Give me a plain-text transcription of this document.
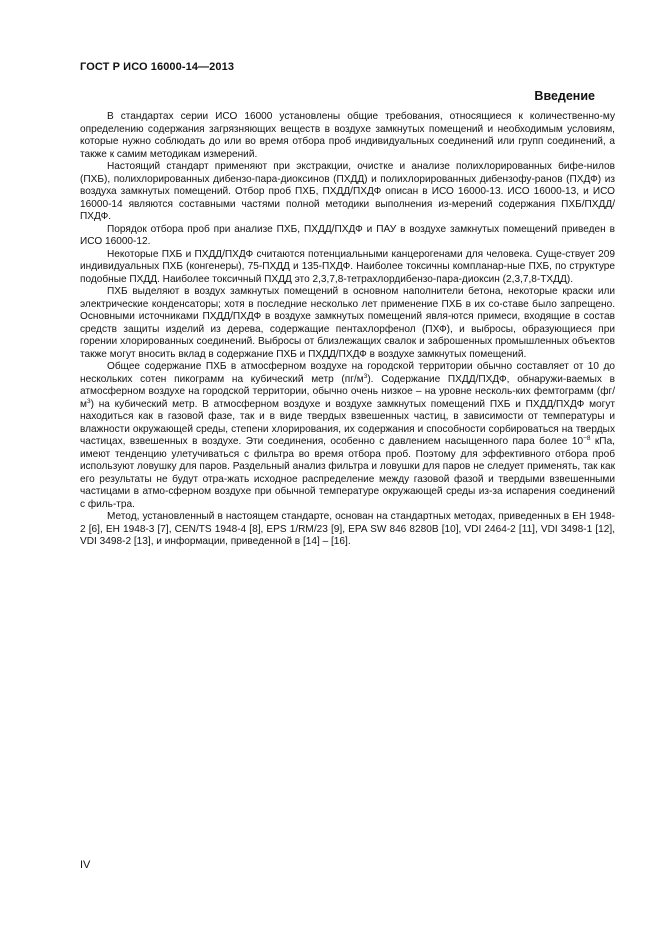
ГОСТ Р ИСО 16000-14—2013
Введение

В стандартах серии ИСО 16000 установлены общие требования, относящиеся к количественно-му определению содержания загрязняющих веществ в воздухе замкнутых помещений и необходимым условиям, которые нужно соблюдать до или во время отбора проб индивидуальных соединений или групп соединений, а также к самим методикам измерений.

Настоящий стандарт применяют при экстракции, очистке и анализе полихлорированных бифе-нилов (ПХБ), полихлорированных дибензо-пара-диоксинов (ПХДД) и полихлорированных дибензофу-ранов (ПХДФ) из воздуха замкнутых помещений. Отбор проб ПХБ, ПХДД/ПХДФ описан в ИСО 16000-13. ИСО 16000-13, и ИСО 16000-14 являются составными частями полной методики выполнения из-мерений содержания ПХБ/ПХДД/ПХДФ.

Порядок отбора проб при анализе ПХБ, ПХДД/ПХДФ и ПАУ в воздухе замкнутых помещений приведен в ИСО 16000-12.

Некоторые ПХБ и ПХДД/ПХДФ считаются потенциальными канцерогенами для человека. Суще-ствует 209 индивидуальных ПХБ (конгенеры), 75-ПХДД и 135-ПХДФ. Наиболее токсичны компланар-ные ПХБ, по структуре подобные ПХДД. Наиболее токсичный ПХДД это 2,3,7,8-тетрахлордибензо-пара-диоксин (2,3,7,8-ТХДД).

ПХБ выделяют в воздух замкнутых помещений в основном наполнители бетона, некоторые краски или электрические конденсаторы; хотя в последние несколько лет применение ПХБ в их со-ставе было запрещено. Основными источниками ПХДД/ПХДФ в воздухе замкнутых помещений явля-ются примеси, входящие в состав средств защиты изделий из дерева, содержащие пентахлорфенол (ПХФ), и выбросы, образующиеся при горении хлорированных соединений. Выбросы от близлежащих свалок и заброшенных промышленных объектов также могут вносить вклад в содержание ПХБ и ПХДД/ПХДФ в воздухе замкнутых помещений.

Общее содержание ПХБ в атмосферном воздухе на городской территории обычно составляет от 10 до нескольких сотен пикограмм на кубический метр $(пг/м^3)$. Содержание ПХДД/ПХДФ, обнаружи-ваемых в атмосферном воздухе на городской территории, обычно очень низкое – на уровне несколь-ких фемтограмм $(фг/м^3)$ на кубический метр. В атмосферном воздухе и воздухе замкнутых помещений ПХБ и ПХДД/ПХДФ могут находиться как в газовой фазе, так и в виде твердых взвешенных частиц, в зависимости от температуры и влажности окружающей среды, степени хлорирования, их содержания и способности сорбироваться на твердых частицах, взвешенных в воздухе. Эти соединения, особенно с давлением насыщенного пара более $10^{-8}$ кПа, имеют тенденцию улетучиваться с фильтра во время отбора проб. Поэтому для эффективного отбора проб используют ловушку для паров. Раздельный анализ фильтра и ловушки для паров не следует применять, так как его результаты не будут отра-жать исходное распределение между газовой фазой и твердыми взвешенными частицами в атмо-сферном воздухе при обычной температуре окружающей среды из-за испарения соединений с филь-тра.

Метод, установленный в настоящем стандарте, основан на стандартных методах, приведенных в ЕН 1948-2 [6], ЕН 1948-3 [7], CEN/TS 1948-4 [8], EPS 1/RM/23 [9], EPA SW 846 8280B [10], VDI 2464-2 [11], VDI 3498-1 [12], VDI 3498-2 [13], и информации, приведенной в [14] – [16].

IV
